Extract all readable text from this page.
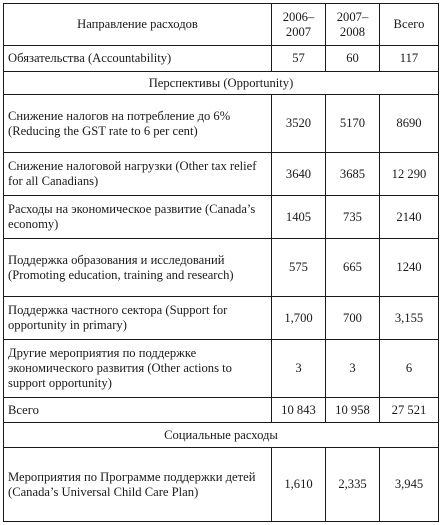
Направление расходов	2006–2007	2007–2008	Всего
Обязательства (Accountability)	57	60	117
Перспективы (Opportunity)			
Снижение налогов на потребление до 6% (Reducing the GST rate to 6 per cent)	3520	5170	8690
Снижение налоговой нагрузки (Other tax relief for all Canadians)	3640	3685	12 290
Расходы на экономическое развитие (Canada’s economy)	1405	735	2140
Поддержка образования и исследований (Promoting education, training and research)	575	665	1240
Поддержка частного сектора (Support for opportunity in primary)	1,700	700	3,155
Другие мероприятия по поддержке экономического развития (Other actions to support opportunity)	3	3	6
Всего	10 843	10 958	27 521
Социальные расходы			
Мероприятия по Программе поддержки детей (Canada’s Universal Child Care Plan)	1,610	2,335	3,945
